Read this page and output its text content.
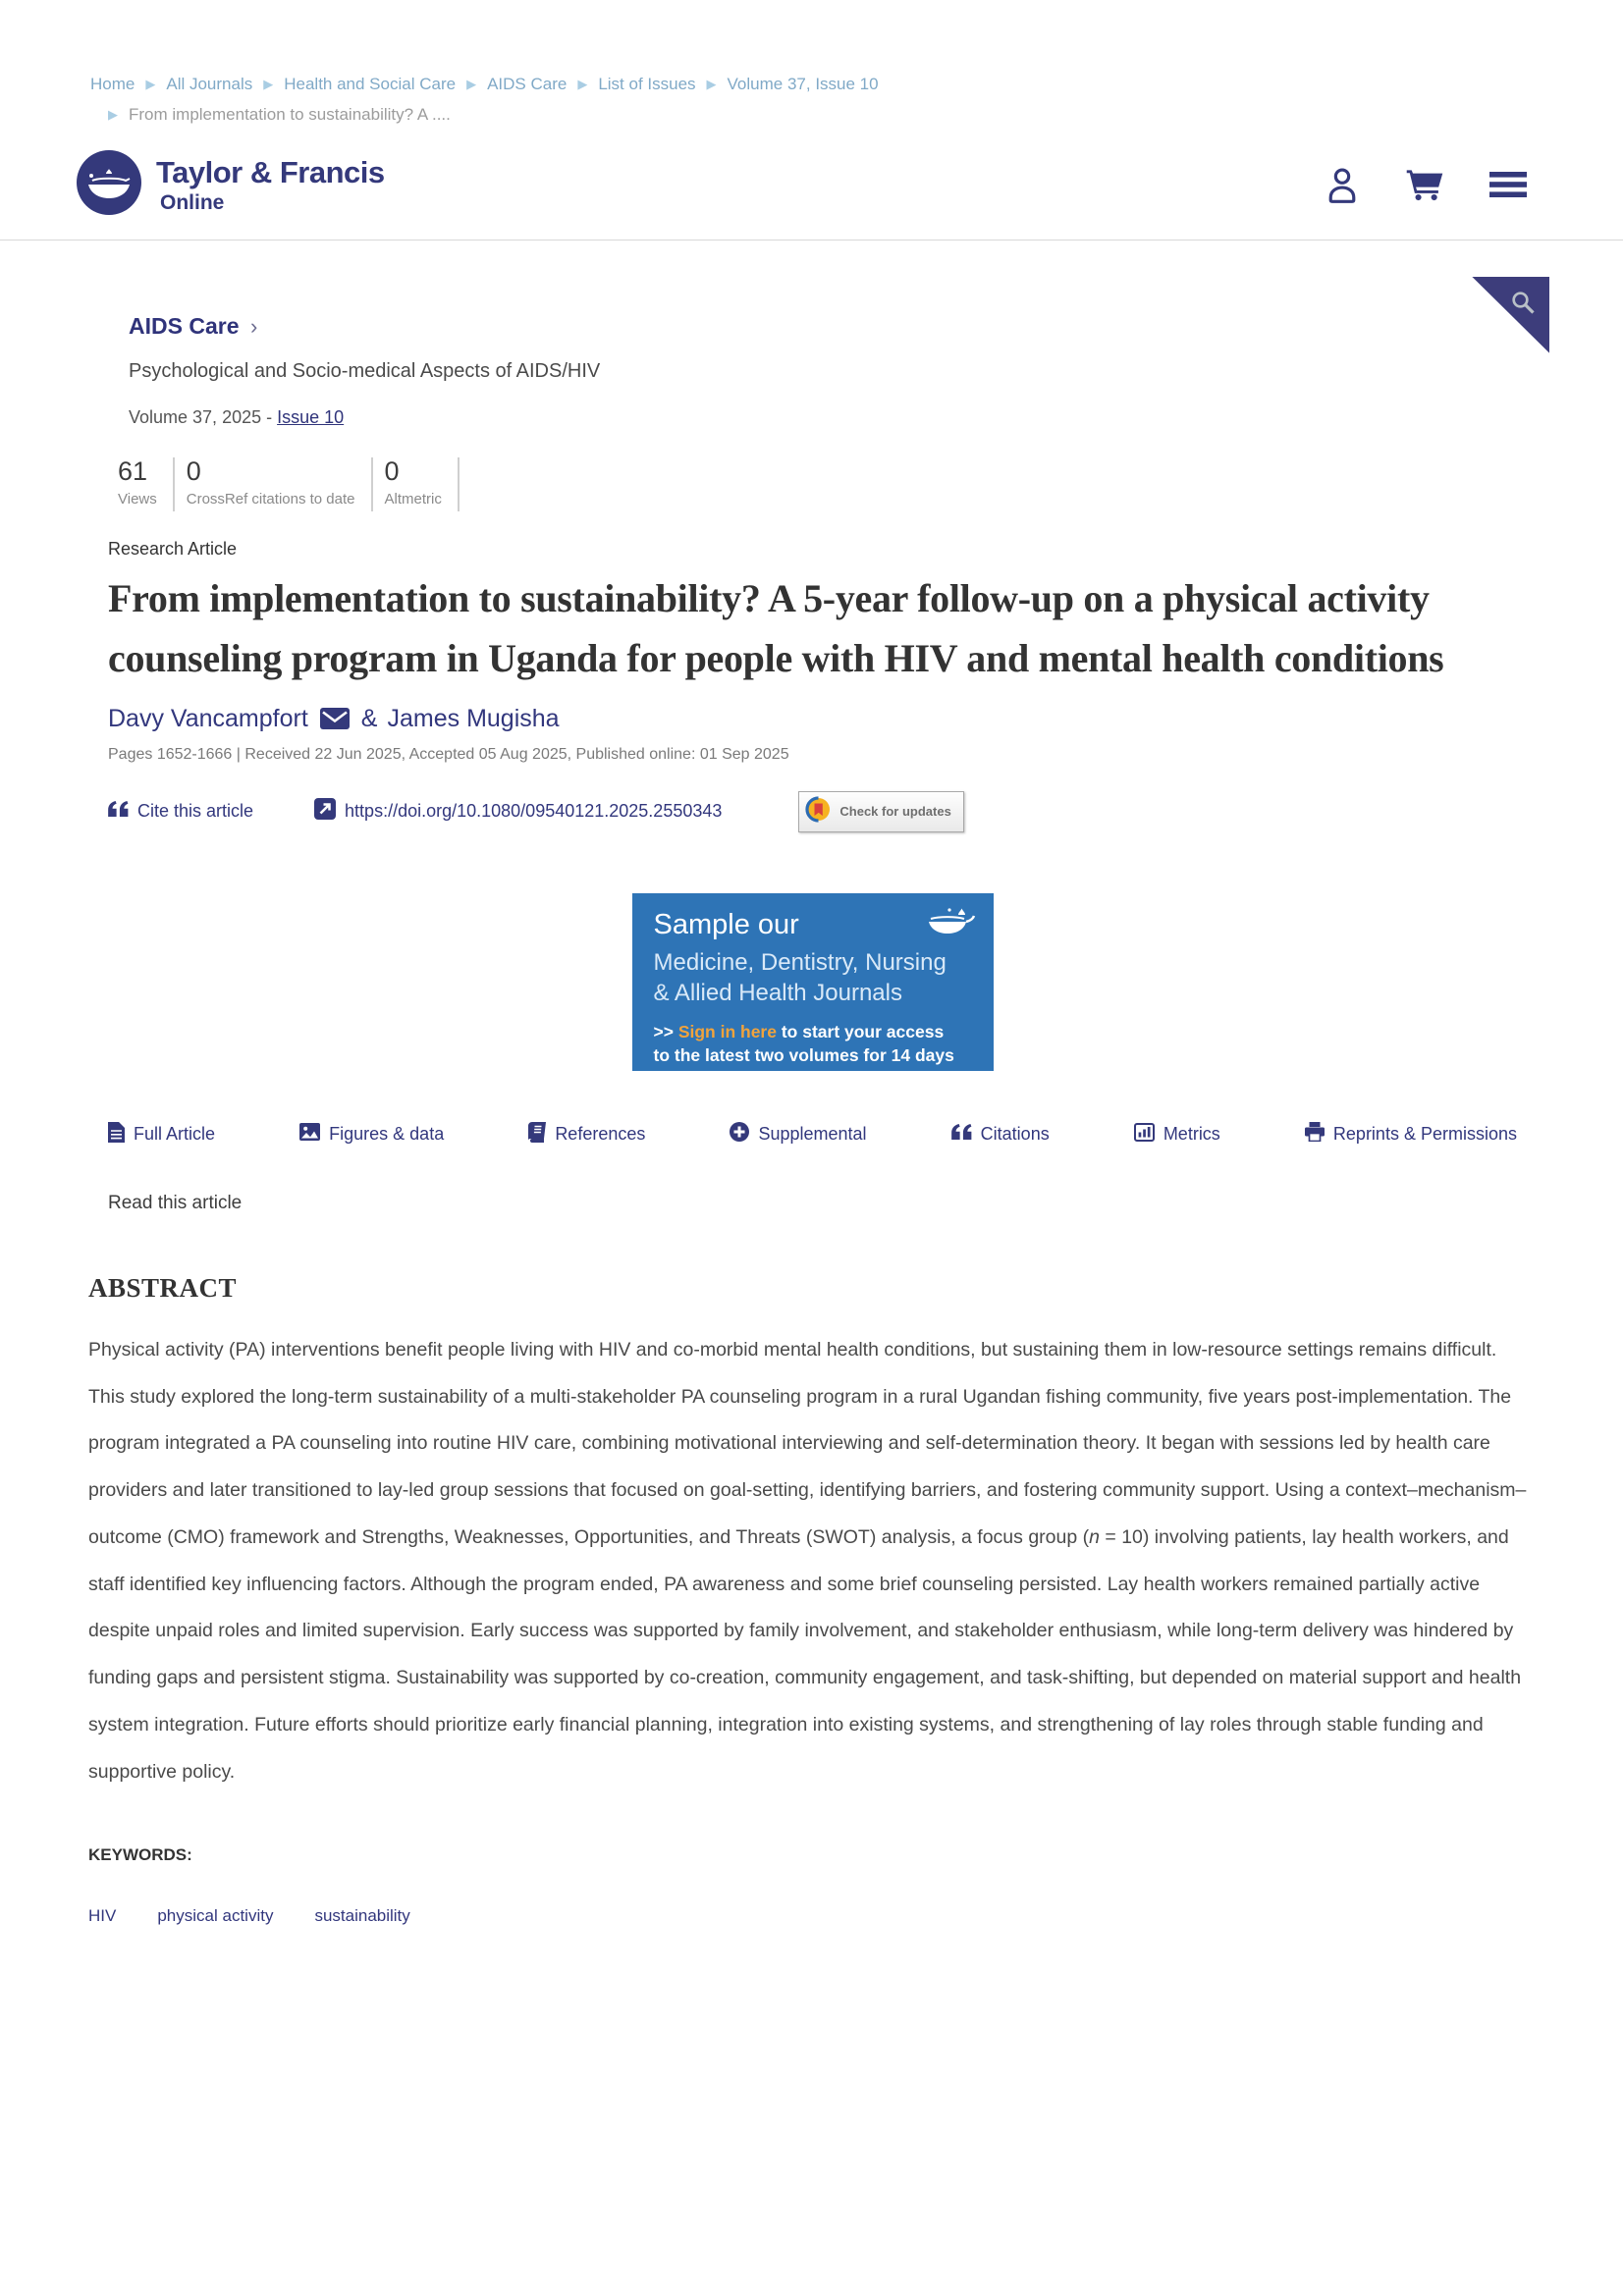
Home ▶ All Journals ▶ Health and Social Care ▶ AIDS Care ▶ List of Issues ▶ Volume 37, Issue 10
▶ From implementation to sustainability? A ....
Taylor & Francis
Online
AIDS Care ›
Psychological and Socio-medical Aspects of AIDS/HIV
Volume 37, 2025 - Issue 10
61
Views
0
CrossRef citations to date
0
Altmetric
Research Article
From implementation to sustainability? A 5-year follow-up on a physical activity counseling program in Uganda for people with HIV and mental health conditions
Davy Vancampfort & James Mugisha
Pages 1652-1666 | Received 22 Jun 2025, Accepted 05 Aug 2025, Published online: 01 Sep 2025
Cite this article	https://doi.org/10.1080/09540121.2025.2550343	Check for updates
Sample our
Medicine, Dentistry, Nursing
& Allied Health Journals
>> Sign in here to start your access
to the latest two volumes for 14 days
Full Article	Figures & data	References	Supplemental	Citations	Metrics	Reprints & Permissions
Read this article
ABSTRACT

Physical activity (PA) interventions benefit people living with HIV and co-morbid mental health conditions, but sustaining them in low-resource settings remains difficult. This study explored the long-term sustainability of a multi-stakeholder PA counseling program in a rural Ugandan fishing community, five years post-implementation. The program integrated a PA counseling into routine HIV care, combining motivational interviewing and self-determination theory. It began with sessions led by health care providers and later transitioned to lay-led group sessions that focused on goal-setting, identifying barriers, and fostering community support. Using a context–mechanism–outcome (CMO) framework and Strengths, Weaknesses, Opportunities, and Threats (SWOT) analysis, a focus group (n = 10) involving patients, lay health workers, and staff identified key influencing factors. Although the program ended, PA awareness and some brief counseling persisted. Lay health workers remained partially active despite unpaid roles and limited supervision. Early success was supported by family involvement, and stakeholder enthusiasm, while long-term delivery was hindered by funding gaps and persistent stigma. Sustainability was supported by co-creation, community engagement, and task-shifting, but depended on material support and health system integration. Future efforts should prioritize early financial planning, integration into existing systems, and strengthening of lay roles through stable funding and supportive policy.

KEYWORDS:
HIV physical activity sustainability
